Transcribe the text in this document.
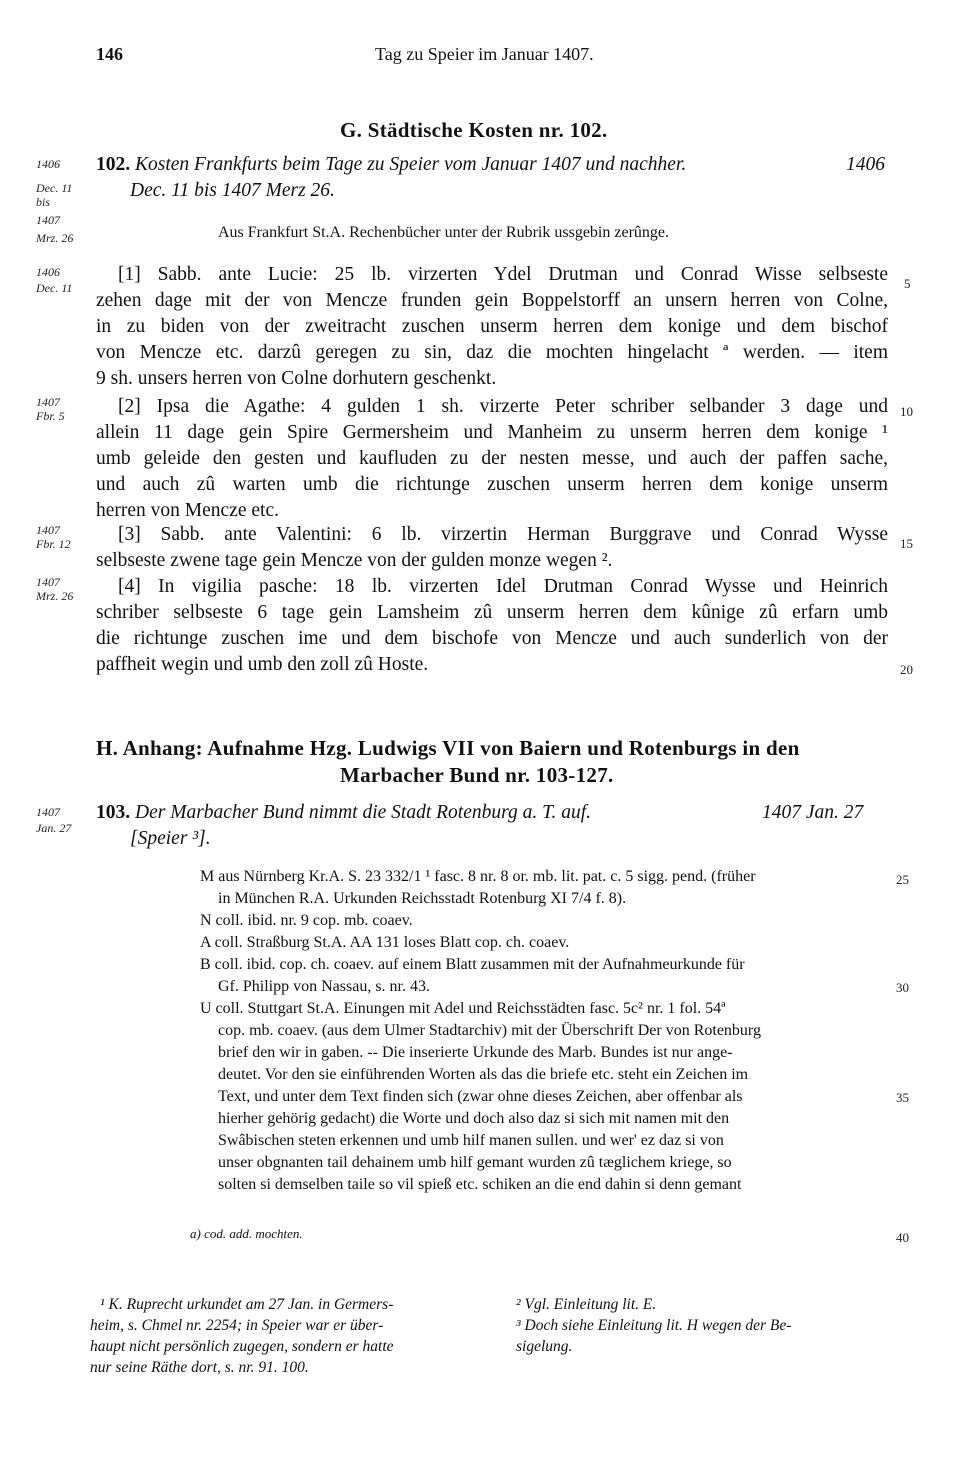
146	Tag zu Speier im Januar 1407.
G. Städtische Kosten nr. 102.
1406
Dec. 11
bis
1407
Mrz. 26
102. Kosten Frankfurts beim Tage zu Speier vom Januar 1407 und nachher.	1406
Dec. 11 bis 1407 Merz 26.
Aus Frankfurt St.A. Rechenbücher unter der Rubrik ussgebin zerûnge.
1406
Dec. 11
[1] Sabb. ante Lucie: 25 lb. virzerten Ydel Drutman und Conrad Wisse selbseste
zehen dage mit der von Mencze frunden gein Boppelstorff an unsern herren von Colne,
in zu biden von der zweitracht zuschen unserm herren dem konige und dem bischof
von Mencze etc. darzû geregen zu sin, daz die mochten hingelacht ª werden. — item
9 sh. unsers herren von Colne dorhutern geschenkt.
1407
Fbr. 5	[2] Ipsa die Agathe: 4 gulden 1 sh. virzerte Peter schriber selbander 3 dage und
allein 11 dage gein Spire Germersheim und Manheim zu unserm herren dem konige ¹
umb geleide den gesten und kaufluden zu der nesten messe, und auch der paffen sache,
und auch zû warten umb die richtunge zuschen unserm herren dem konige unserm
herren von Mencze etc.
1407
Fbr. 12 [3] Sabb. ante Valentini: 6 lb. virzertin Herman Burggrave und Conrad Wysse
selbseste zwene tage gein Mencze von der gulden monze wegen ².
1407
Mrz. 26 [4] In vigilia pasche: 18 lb. virzerten Idel Drutman Conrad Wysse und Heinrich
schriber selbseste 6 tage gein Lamsheim zû unserm herren dem kûnige zû erfarn umb
die richtunge zuschen ime und dem bischofe von Mencze und auch sunderlich von der
paffheit wegin und umb den zoll zû Hoste.
H. Anhang: Aufnahme Hzg. Ludwigs VII von Baiern und Rotenburgs in den
Marbacher Bund nr. 103-127.
1407
Jan. 27
103. Der Marbacher Bund nimmt die Stadt Rotenburg a. T. auf.	1407 Jan. 27
[Speier ³].
M aus Nürnberg Kr.A. S. 23 332/1 ¹ fasc. 8 nr. 8 or. mb. lit. pat. c. 5 sigg. pend. (früher
in München R.A. Urkunden Reichsstadt Rotenburg XI 7/4 f. 8).
N coll. ibid. nr. 9 cop. mb. coaev.
A coll. Straßburg St.A. AA 131 loses Blatt cop. ch. coaev.
B coll. ibid. cop. ch. coaev. auf einem Blatt zusammen mit der Aufnahmeurkunde für
Gf. Philipp von Nassau, s. nr. 43.
U coll. Stuttgart St.A. Einungen mit Adel und Reichsstädten fasc. 5c² nr. 1 fol. 54ª
cop. mb. coaev. (aus dem Ulmer Stadtarchiv) mit der Überschrift Der von Rotenburg
brief den wir in gaben. -- Die inserierte Urkunde des Marb. Bundes ist nur ange-
deutet. Vor den sie einführenden Worten als das die briefe etc. steht ein Zeichen im
Text, und unter dem Text finden sich (zwar ohne dieses Zeichen, aber offenbar als
hierher gehörig gedacht) die Worte und doch also daz si sich mit namen mit den
Swâbischen steten erkennen und umb hilf manen sullen. und wer' ez daz si von
unser obgnanten tail dehainem umb hilf gemant wurden zû tæglichem kriege, so
solten si demselben taile so vil spieß etc. schiken an die end dahin si denn gemant
a) cod. add. mochten.
¹ K. Ruprecht urkundet am 27 Jan. in Germers-
heim, s. Chmel nr. 2254; in Speier war er über-
haupt nicht persönlich zugegen, sondern er hatte
nur seine Räthe dort, s. nr. 91. 100.
² Vgl. Einleitung lit. E.
³ Doch siehe Einleitung lit. H wegen der Be-
sigelung.
5
10
15
20
25
30
35
40
